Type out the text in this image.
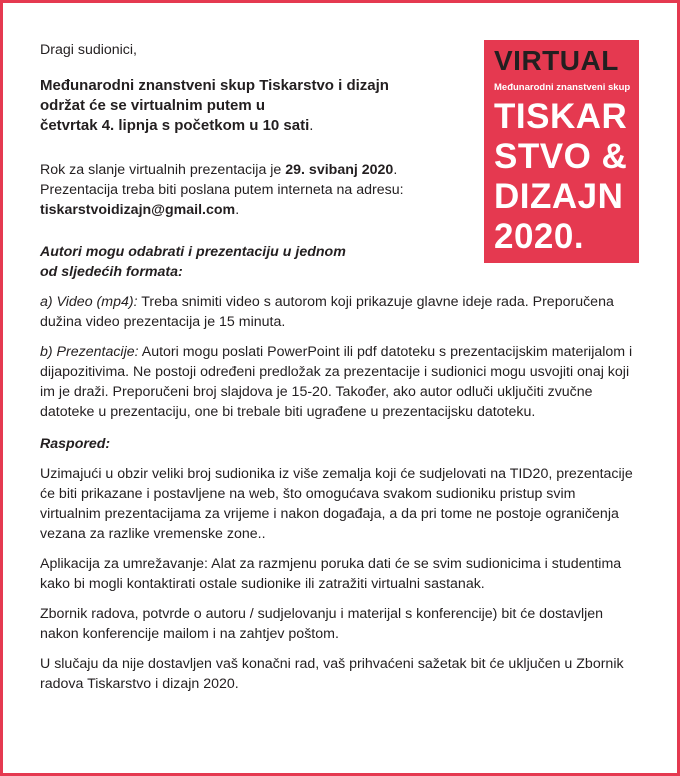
VIRTUAL
Međunarodni znanstveni skup
TISKAR
STVO &
DIZAJN
2020.

Dragi sudionici,

Međunarodni znanstveni skup Tiskarstvo i dizajn
održat će se virtualnim putem u
četvrtak 4. lipnja s početkom u 10 sati.

Rok za slanje virtualnih prezentacija je 29. svibanj 2020.
Prezentacija treba biti poslana putem interneta na adresu:
tiskarstvoidizajn@gmail.com.

Autori mogu odabrati i prezentaciju u jednom
od sljedećih formata:

a) Video (mp4): Treba snimiti video s autorom koji prikazuje glavne ideje rada. Preporučena dužina video prezentacija je 15 minuta.

b) Prezentacije: Autori mogu poslati PowerPoint ili pdf datoteku s prezentacijskim materijalom i dijapozitivima. Ne postoji određeni predložak za prezentacije i sudionici mogu usvojiti onaj koji im je draži. Preporučeni broj slajdova je 15-20. Također, ako autor odluči uključiti zvučne datoteke u prezentaciju, one bi trebale biti ugrađene u prezentacijsku datoteku.

Raspored:

Uzimajući u obzir veliki broj sudionika iz više zemalja koji će sudjelovati na TID20, prezentacije će biti prikazane i postavljene na web, što omogućava svakom sudioniku pristup svim virtualnim prezentacijama za vrijeme i nakon događaja, a da pri tome ne postoje ograničenja vezana za razlike vremenske zone..

Aplikacija za umrežavanje: Alat za razmjenu poruka dati će se svim sudionicima i studentima kako bi mogli kontaktirati ostale sudionike ili zatražiti virtualni sastanak.

Zbornik radova, potvrde o autoru / sudjelovanju i materijal s konferencije) bit će dostavljen nakon konferencije mailom i na zahtjev poštom.

U slučaju da nije dostavljen vaš konačni rad, vaš prihvaćeni sažetak bit će uključen u Zbornik radova Tiskarstvo i dizajn 2020.
